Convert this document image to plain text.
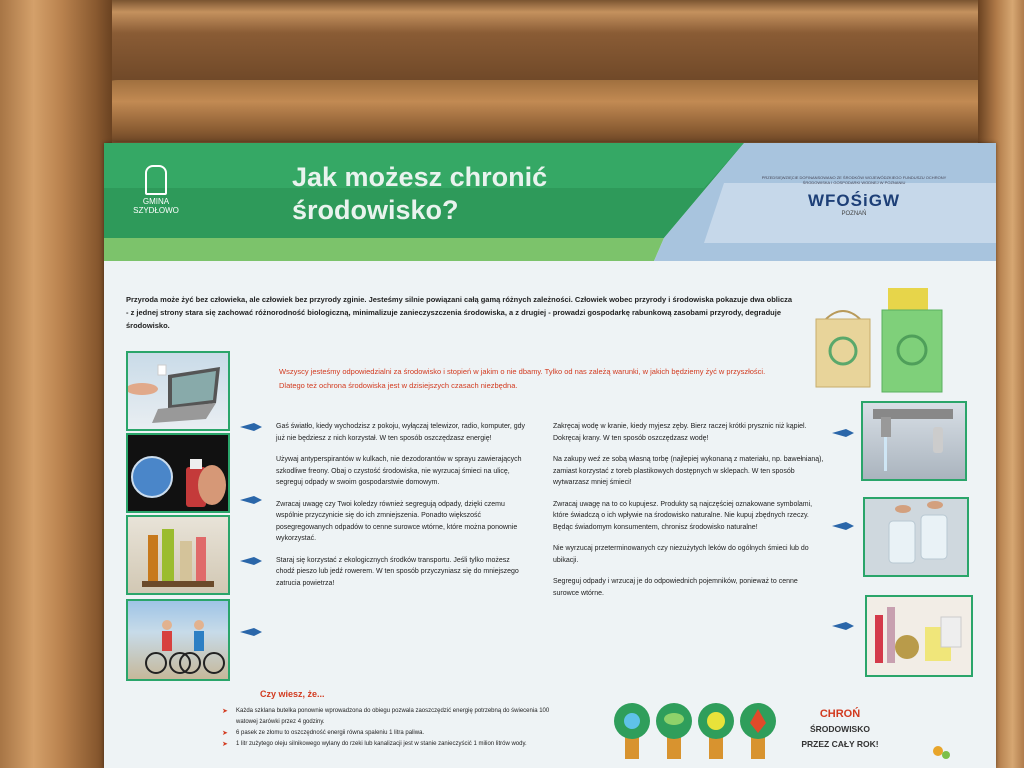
GMINA SZYDŁOWO
Jak możesz chronić
środowisko?
PRZEDSIĘWZIĘCIE DOFINANSOWANO ZE ŚRODKÓW WOJEWÓDZKIEGO FUNDUSZU OCHRONY ŚRODOWISKA I GOSPODARKI WODNEJ W POZNANIU
WFOŚiGW
POZNAŃ
Przyroda może żyć bez człowieka, ale człowiek bez przyrody zginie. Jesteśmy silnie powiązani całą gamą różnych zależności. Człowiek wobec przyrody i środowiska pokazuje dwa oblicza - z jednej strony stara się zachować różnorodność biologiczną, minimalizuje zanieczyszczenia środowiska, a z drugiej - prowadzi gospodarkę rabunkową zasobami przyrody, degraduje środowisko.
Wszyscy jesteśmy odpowiedzialni za środowisko i stopień w jakim o nie dbamy. Tylko od nas zależą warunki, w jakich będziemy żyć w przyszłości. Dlatego też ochrona środowiska jest w dzisiejszych czasach niezbędna.

Gaś światło, kiedy wychodzisz z pokoju, wyłączaj telewizor, radio, komputer, gdy już nie będziesz z nich korzystał. W ten sposób oszczędzasz energię!

Używaj antyperspirantów w kulkach, nie dezodorantów w sprayu zawierających szkodliwe freony. Obaj o czystość środowiska, nie wyrzucaj śmieci na ulicę, segreguj odpady w swoim gospodarstwie domowym.

Zwracaj uwagę czy Twoi koledzy również segregują odpady, dzięki czemu wspólnie przyczynicie się do ich zmniejszenia. Ponadto większość posegregowanych odpadów to cenne surowce wtórne, które można ponownie wykorzystać.

Staraj się korzystać z ekologicznych środków transportu. Jeśli tylko możesz chodź pieszo lub jedź rowerem. W ten sposób przyczyniasz się do mniejszego zatrucia powietrza!

Zakręcaj wodę w kranie, kiedy myjesz zęby. Bierz raczej krótki prysznic niż kąpiel. Dokręcaj krany. W ten sposób oszczędzasz wodę!

Na zakupy weź ze sobą własną torbę (najlepiej wykonaną z materiału, np. bawełnianą), zamiast korzystać z toreb plastikowych dostępnych w sklepach. W ten sposób wytwarzasz mniej śmieci!

Zwracaj uwagę na to co kupujesz. Produkty są najczęściej oznakowane symbolami, które świadczą o ich wpływie na środowisko naturalne. Nie kupuj zbędnych rzeczy. Będąc świadomym konsumentem, chronisz środowisko naturalne!

Nie wyrzucaj przeterminowanych czy niezużytych leków do ogólnych śmieci lub do ubikacji.

Segreguj odpady i wrzucaj je do odpowiednich pojemników, ponieważ to cenne surowce wtórne.

Czy wiesz, że...
➤ Każda szklana butelka ponownie wprowadzona do obiegu pozwala zaoszczędzić energię potrzebną do świecenia 100 watowej żarówki przez 4 godziny.
➤ 6 pasek ze złomu to oszczędność energii równa spaleniu 1 litra paliwa.
➤ 1 litr zużytego oleju silnikowego wylany do rzeki lub kanalizacji jest w stanie zanieczyścić 1 milion litrów wody.
CHROŃ
ŚRODOWISKO
PRZEZ CAŁY ROK!
